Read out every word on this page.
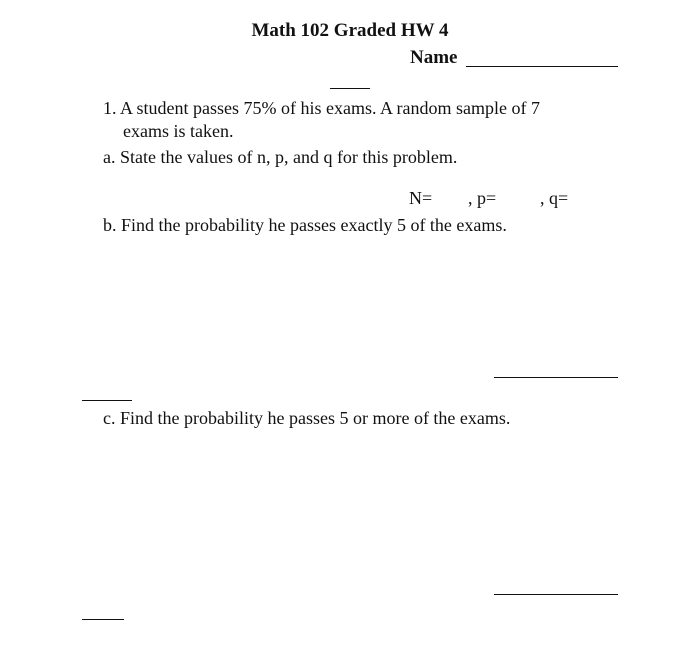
Math 102 Graded HW 4
Name
1. A student passes 75% of his exams. A random sample of 7
exams is taken.
a. State the values of n, p, and q for this problem.
N= , p= , q=
b. Find the probability he passes exactly 5 of the exams.
c. Find the probability he passes 5 or more of the exams.
